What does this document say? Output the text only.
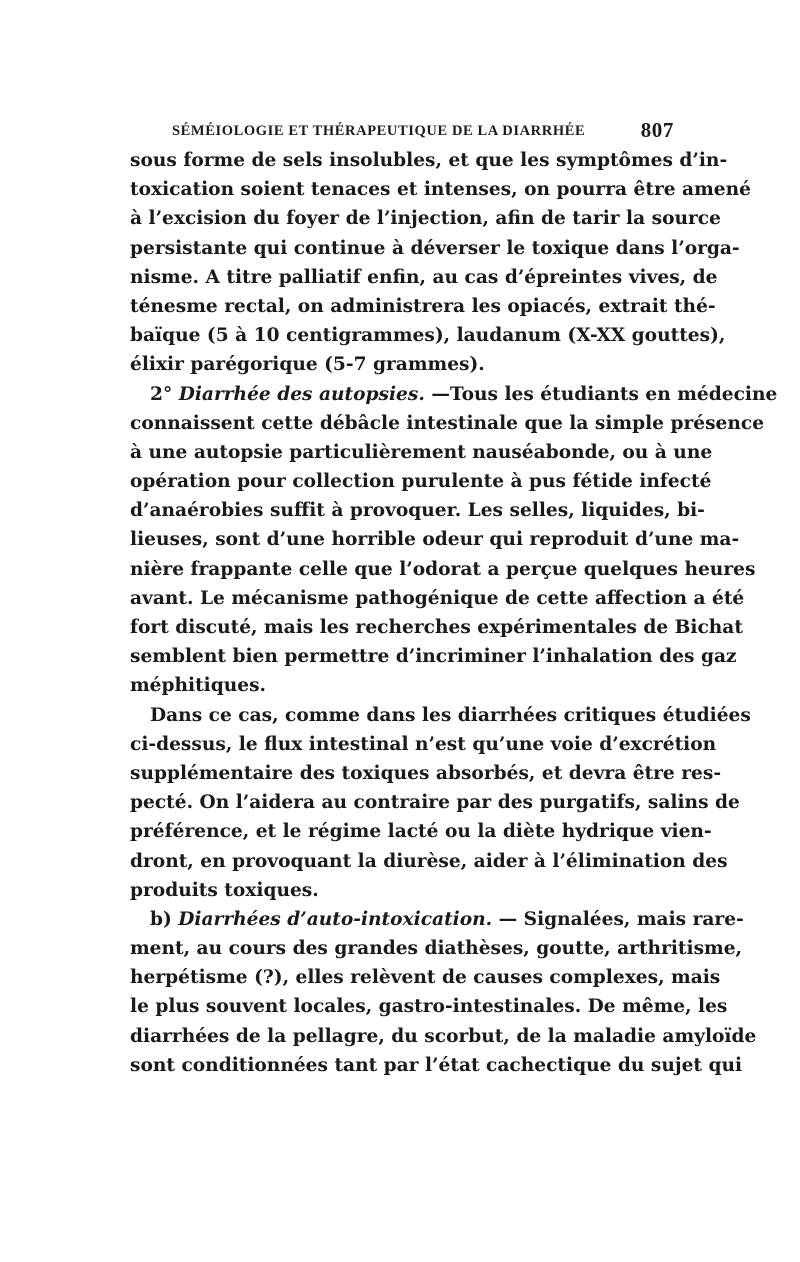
SÉMÉIOLOGIE ET THÉRAPEUTIQUE DE LA DIARRHÉE	807
sous forme de sels insolubles, et que les symptômes d’in-
toxication soient tenaces et intenses, on pourra être amené
à l’excision du foyer de l’injection, afin de tarir la source
persistante qui continue à déverser le toxique dans l’orga-
nisme. A titre palliatif enfin, au cas d’épreintes vives, de
ténesme rectal, on administrera les opiacés, extrait thé-
baïque (5 à 10 centigrammes), laudanum (X-XX gouttes),
élixir parégorique (5-7 grammes).
2° Diarrhée des autopsies. —Tous les étudiants en médecine
connaissent cette débâcle intestinale que la simple présence
à une autopsie particulièrement nauséabonde, ou à une
opération pour collection purulente à pus fétide infecté
d’anaérobies suffit à provoquer. Les selles, liquides, bi-
lieuses, sont d’une horrible odeur qui reproduit d’une ma-
nière frappante celle que l’odorat a perçue quelques heures
avant. Le mécanisme pathogénique de cette affection a été
fort discuté, mais les recherches expérimentales de Bichat
semblent bien permettre d’incriminer l’inhalation des gaz
méphitiques.
Dans ce cas, comme dans les diarrhées critiques étudiées
ci-dessus, le flux intestinal n’est qu’une voie d’excrétion
supplémentaire des toxiques absorbés, et devra être res-
pecté. On l’aidera au contraire par des purgatifs, salins de
préférence, et le régime lacté ou la diète hydrique vien-
dront, en provoquant la diurèse, aider à l’élimination des
produits toxiques.
b) Diarrhées d’auto-intoxication. — Signalées, mais rare-
ment, au cours des grandes diathèses, goutte, arthritisme,
herpétisme (?), elles relèvent de causes complexes, mais
le plus souvent locales, gastro-intestinales. De même, les
diarrhées de la pellagre, du scorbut, de la maladie amyloïde
sont conditionnées tant par l’état cachectique du sujet qui
